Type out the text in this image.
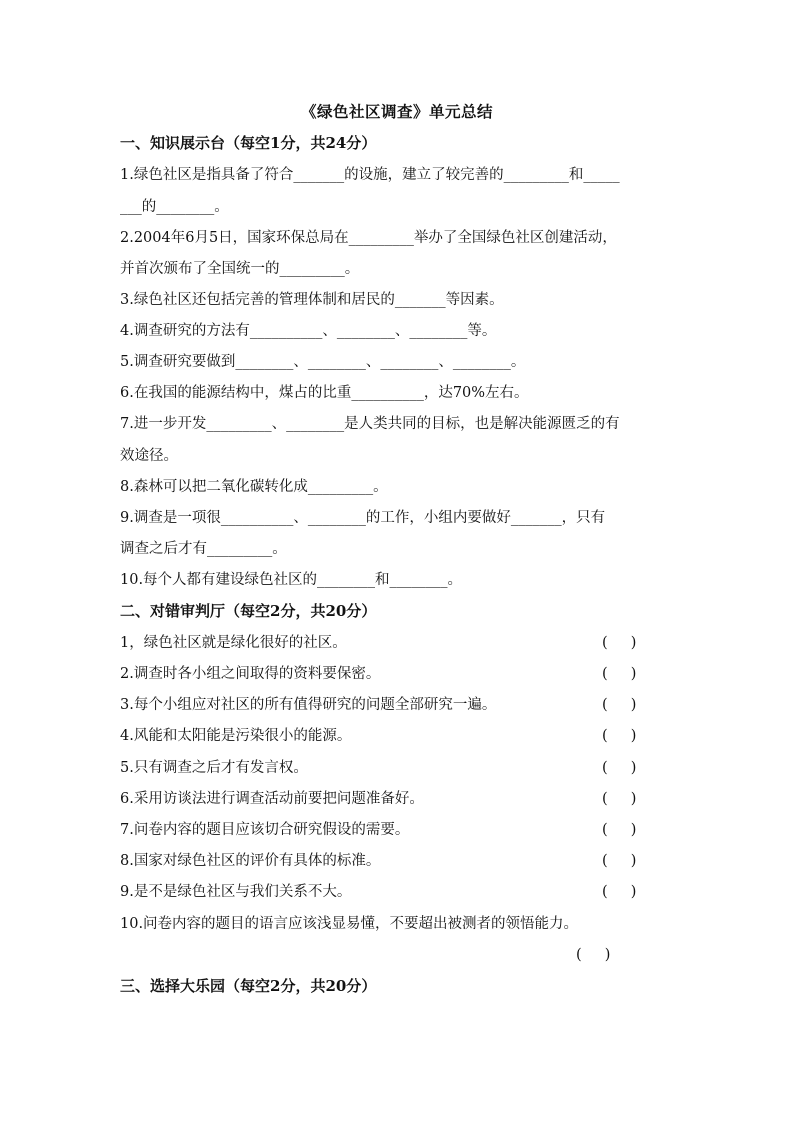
《绿色社区调查》单元总结
一、知识展示台（每空1分，共24分）
1.绿色社区是指具备了符合_______的设施，建立了较完善的_________和_____
___的________。
2.2004年6月5日，国家环保总局在_________举办了全国绿色社区创建活动，
并首次颁布了全国统一的_________。
3.绿色社区还包括完善的管理体制和居民的_______等因素。
4.调查研究的方法有__________、________、________等。
5.调查研究要做到________、________、________、________。
6.在我国的能源结构中，煤占的比重__________，达70%左右。
7.进一步开发_________、________是人类共同的目标，也是解决能源匮乏的有
效途径。
8.森林可以把二氧化碳转化成_________。
9.调查是一项很__________、________的工作，小组内要做好_______，只有
调查之后才有_________。
10.每个人都有建设绿色社区的________和________。
二、对错审判厅（每空2分，共20分）
1，绿色社区就是绿化很好的社区。	(     )
2.调查时各小组之间取得的资料要保密。	(     )
3.每个小组应对社区的所有值得研究的问题全部研究一遍。	(     )
4.风能和太阳能是污染很小的能源。	(     )
5.只有调查之后才有发言权。	(     )
6.采用访谈法进行调查活动前要把问题准备好。	(     )
7.问卷内容的题目应该切合研究假设的需要。	(     )
8.国家对绿色社区的评价有具体的标准。	(     )
9.是不是绿色社区与我们关系不大。	(     )
10.问卷内容的题目的语言应该浅显易懂，不要超出被测者的领悟能力。
(     )
三、选择大乐园（每空2分，共20分）
